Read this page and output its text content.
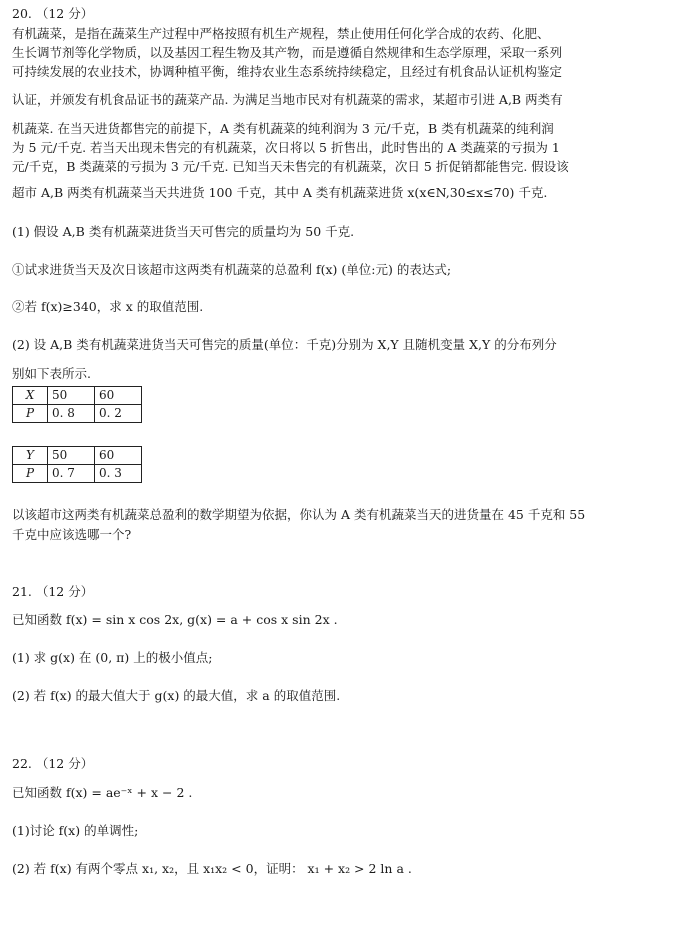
20. （12 分）
有机蔬菜，是指在蔬菜生产过程中严格按照有机生产规程，禁止使用任何化学合成的农药、化肥、
生长调节剂等化学物质，以及基因工程生物及其产物，而是遵循自然规律和生态学原理，采取一系列
可持续发展的农业技术，协调种植平衡，维持农业生态系统持续稳定，且经过有机食品认证机构鉴定
认证，并颁发有机食品证书的蔬菜产品. 为满足当地市民对有机蔬菜的需求，某超市引进 A,B 两类有
机蔬菜. 在当天进货都售完的前提下，A 类有机蔬菜的纯利润为 3 元/千克，B 类有机蔬菜的纯利润
为 5 元/千克. 若当天出现未售完的有机蔬菜，次日将以 5 折售出，此时售出的 A 类蔬菜的亏损为 1
元/千克，B 类蔬菜的亏损为 3 元/千克. 已知当天未售完的有机蔬菜，次日 5 折促销都能售完. 假设该
超市 A,B 两类有机蔬菜当天共进货 100 千克，其中 A 类有机蔬菜进货 x(x∈N,30≤x≤70) 千克.
(1) 假设 A,B 类有机蔬菜进货当天可售完的质量均为 50 千克.
①试求进货当天及次日该超市这两类有机蔬菜的总盈利 f(x) (单位:元) 的表达式;
②若 f(x)≥340，求 x 的取值范围.
(2) 设 A,B 类有机蔬菜进货当天可售完的质量(单位：千克)分别为 X,Y 且随机变量 X,Y 的分布列分
别如下表所示.
X	50	60
P	0. 8	0. 2
Y	50	60
P	0. 7	0. 3
以该超市这两类有机蔬菜总盈利的数学期望为依据，你认为 A 类有机蔬菜当天的进货量在 45 千克和 55
千克中应该选哪一个?
21. （12 分）
已知函数 f(x) = sin x cos 2x, g(x) = a + cos x sin 2x .
(1) 求 g(x) 在 (0, π) 上的极小值点;
(2) 若 f(x) 的最大值大于 g(x) 的最大值，求 a 的取值范围.
22. （12 分）
已知函数 f(x) = ae⁻ˣ + x − 2 .
(1)讨论 f(x) 的单调性;
(2) 若 f(x) 有两个零点 x₁, x₂，且 x₁x₂ < 0，证明： x₁ + x₂ > 2 ln a .
